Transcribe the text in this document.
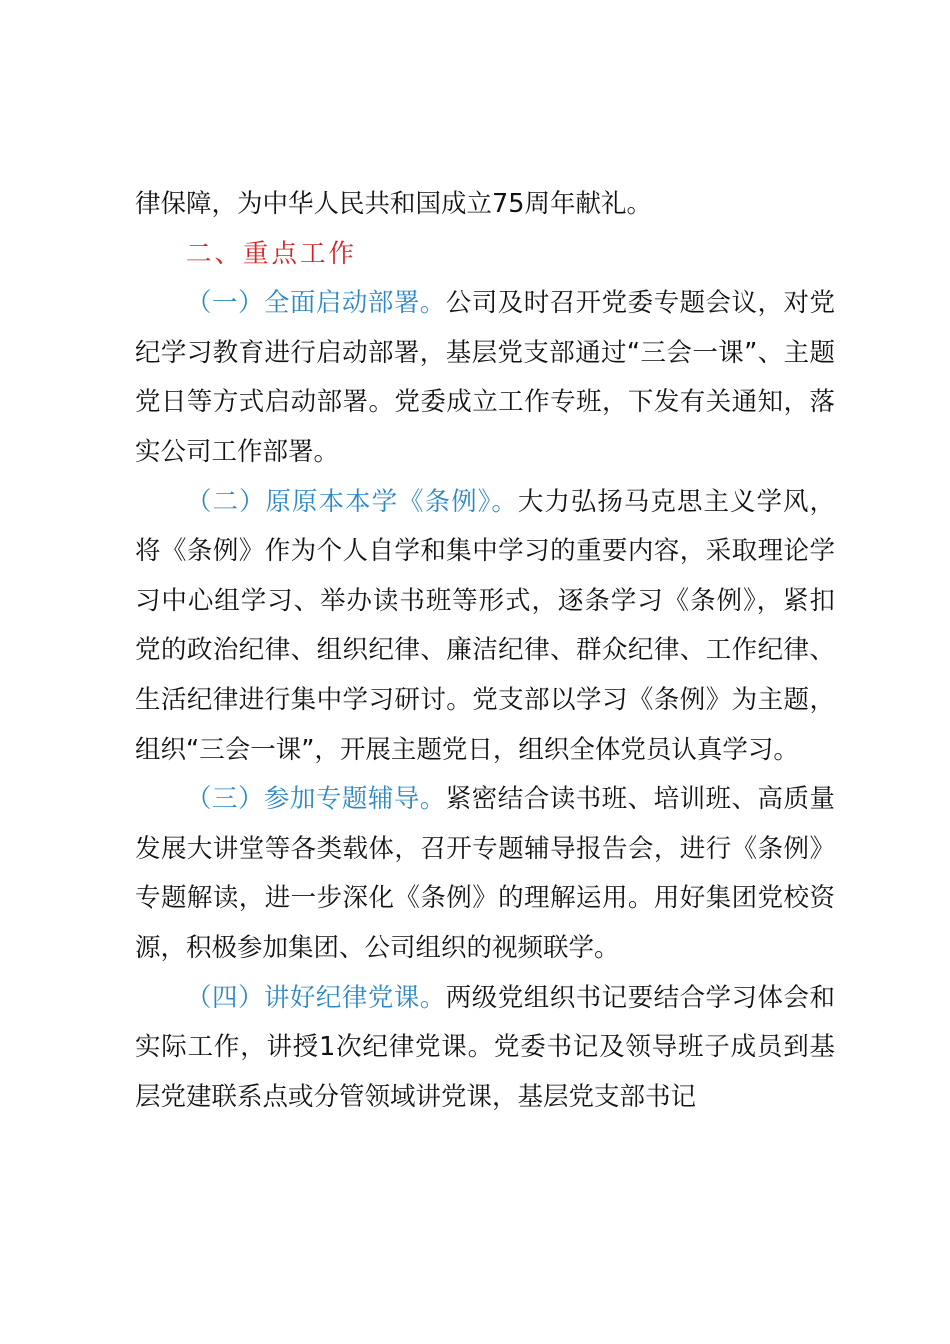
律保障，为中华人民共和国成立75周年献礼。

二、重点工作

（一）全面启动部署。公司及时召开党委专题会议，对党纪学习教育进行启动部署，基层党支部通过“三会一课”、主题党日等方式启动部署。党委成立工作专班，下发有关通知，落实公司工作部署。

（二）原原本本学《条例》。大力弘扬马克思主义学风，将《条例》作为个人自学和集中学习的重要内容，采取理论学习中心组学习、举办读书班等形式，逐条学习《条例》，紧扣党的政治纪律、组织纪律、廉洁纪律、群众纪律、工作纪律、生活纪律进行集中学习研讨。党支部以学习《条例》为主题，组织“三会一课”，开展主题党日，组织全体党员认真学习。

（三）参加专题辅导。紧密结合读书班、培训班、高质量发展大讲堂等各类载体，召开专题辅导报告会，进行《条例》专题解读，进一步深化《条例》的理解运用。用好集团党校资源，积极参加集团、公司组织的视频联学。

（四）讲好纪律党课。两级党组织书记要结合学习体会和实际工作，讲授1次纪律党课。党委书记及领导班子成员到基层党建联系点或分管领域讲党课，基层党支部书记
